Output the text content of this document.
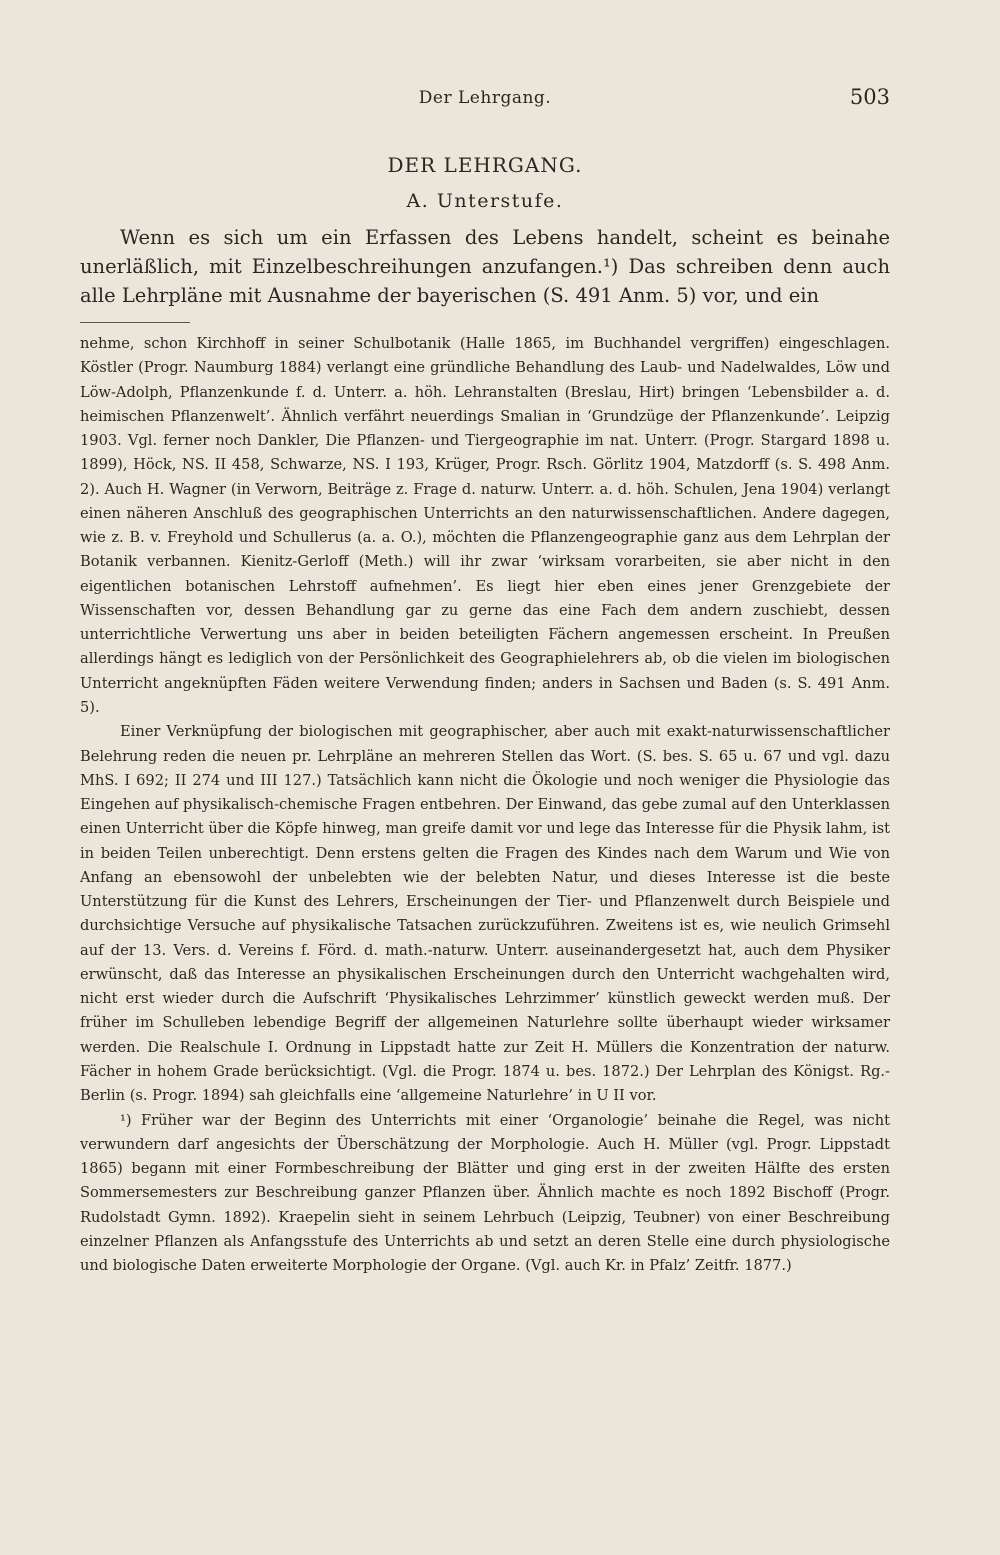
Der Lehrgang.	503
DER LEHRGANG.
A. Unterstufe.

Wenn es sich um ein Erfassen des Lebens handelt, scheint es beinahe unerläßlich, mit Einzelbeschreihungen anzufangen.¹) Das schreiben denn auch alle Lehrpläne mit Ausnahme der bayerischen (S. 491 Anm. 5) vor, und ein

nehme, schon Kirchhoff in seiner Schulbotanik (Halle 1865, im Buchhandel vergriffen) eingeschlagen. Köstler (Progr. Naumburg 1884) verlangt eine gründliche Behandlung des Laub- und Nadelwaldes, Löw und Löw-Adolph, Pflanzenkunde f. d. Unterr. a. höh. Lehranstalten (Breslau, Hirt) bringen ‘Lebensbilder a. d. heimischen Pflanzenwelt’. Ähnlich verfährt neuerdings Smalian in ‘Grundzüge der Pflanzenkunde’. Leipzig 1903. Vgl. ferner noch Dankler, Die Pflanzen- und Tiergeographie im nat. Unterr. (Progr. Stargard 1898 u. 1899), Höck, NS. II 458, Schwarze, NS. I 193, Krüger, Progr. Rsch. Görlitz 1904, Matzdorff (s. S. 498 Anm. 2). Auch H. Wagner (in Verworn, Beiträge z. Frage d. naturw. Unterr. a. d. höh. Schulen, Jena 1904) verlangt einen näheren Anschluß des geographischen Unterrichts an den naturwissenschaftlichen. Andere dagegen, wie z. B. v. Freyhold und Schullerus (a. a. O.), möchten die Pflanzengeographie ganz aus dem Lehrplan der Botanik verbannen. Kienitz-Gerloff (Meth.) will ihr zwar ‘wirksam vorarbeiten, sie aber nicht in den eigentlichen botanischen Lehrstoff aufnehmen’. Es liegt hier eben eines jener Grenzgebiete der Wissenschaften vor, dessen Behandlung gar zu gerne das eine Fach dem andern zuschiebt, dessen unterrichtliche Verwertung uns aber in beiden beteiligten Fächern angemessen erscheint. In Preußen allerdings hängt es lediglich von der Persönlichkeit des Geographielehrers ab, ob die vielen im biologischen Unterricht angeknüpften Fäden weitere Verwendung finden; anders in Sachsen und Baden (s. S. 491 Anm. 5).

Einer Verknüpfung der biologischen mit geographischer, aber auch mit exakt-naturwissenschaftlicher Belehrung reden die neuen pr. Lehrpläne an mehreren Stellen das Wort. (S. bes. S. 65 u. 67 und vgl. dazu MhS. I 692; II 274 und III 127.) Tatsächlich kann nicht die Ökologie und noch weniger die Physiologie das Eingehen auf physikalisch-chemische Fragen entbehren. Der Einwand, das gebe zumal auf den Unterklassen einen Unterricht über die Köpfe hinweg, man greife damit vor und lege das Interesse für die Physik lahm, ist in beiden Teilen unberechtigt. Denn erstens gelten die Fragen des Kindes nach dem Warum und Wie von Anfang an ebensowohl der unbelebten wie der belebten Natur, und dieses Interesse ist die beste Unterstützung für die Kunst des Lehrers, Erscheinungen der Tier- und Pflanzenwelt durch Beispiele und durchsichtige Versuche auf physikalische Tatsachen zurückzuführen. Zweitens ist es, wie neulich Grimsehl auf der 13. Vers. d. Vereins f. Förd. d. math.-naturw. Unterr. auseinandergesetzt hat, auch dem Physiker erwünscht, daß das Interesse an physikalischen Erscheinungen durch den Unterricht wachgehalten wird, nicht erst wieder durch die Aufschrift ‘Physikalisches Lehrzimmer’ künstlich geweckt werden muß. Der früher im Schulleben lebendige Begriff der allgemeinen Naturlehre sollte überhaupt wieder wirksamer werden. Die Realschule I. Ordnung in Lippstadt hatte zur Zeit H. Müllers die Konzentration der naturw. Fächer in hohem Grade berücksichtigt. (Vgl. die Progr. 1874 u. bes. 1872.) Der Lehrplan des Königst. Rg.-Berlin (s. Progr. 1894) sah gleichfalls eine ‘allgemeine Naturlehre’ in U II vor.

¹) Früher war der Beginn des Unterrichts mit einer ‘Organologie’ beinahe die Regel, was nicht verwundern darf angesichts der Überschätzung der Morphologie. Auch H. Müller (vgl. Progr. Lippstadt 1865) begann mit einer Formbeschreibung der Blätter und ging erst in der zweiten Hälfte des ersten Sommersemesters zur Beschreibung ganzer Pflanzen über. Ähnlich machte es noch 1892 Bischoff (Progr. Rudolstadt Gymn. 1892). Kraepelin sieht in seinem Lehrbuch (Leipzig, Teubner) von einer Beschreibung einzelner Pflanzen als Anfangsstufe des Unterrichts ab und setzt an deren Stelle eine durch physiologische und biologische Daten erweiterte Morphologie der Organe. (Vgl. auch Kr. in Pfalz’ Zeitfr. 1877.)
